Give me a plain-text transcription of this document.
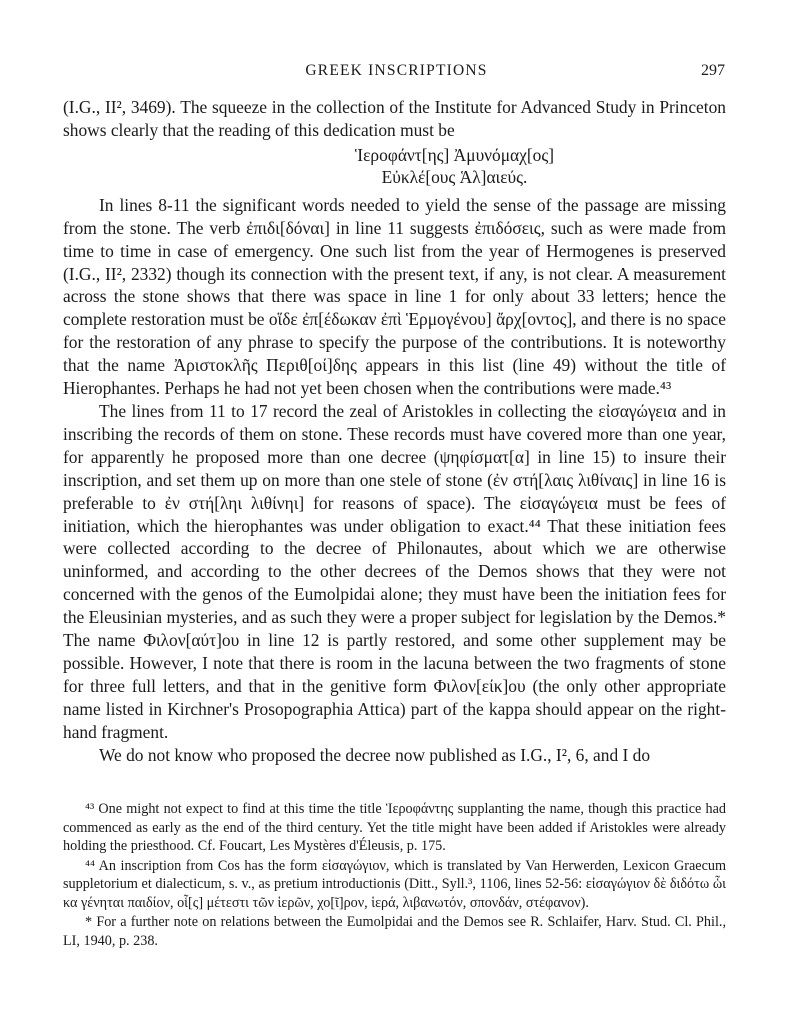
GREEK INSCRIPTIONS	297

(I.G., II², 3469). The squeeze in the collection of the Institute for Advanced Study in Princeton shows clearly that the reading of this dedication must be

Ἱεροφάντ[ης] Ἀμυνόμαχ[ος]
Εὐκλέ[ους Ἁλ]αιεύς.

In lines 8-11 the significant words needed to yield the sense of the passage are missing from the stone. The verb ἐπιδι[δόναι] in line 11 suggests ἐπιδόσεις, such as were made from time to time in case of emergency. One such list from the year of Hermogenes is preserved (I.G., II², 2332) though its connection with the present text, if any, is not clear. A measurement across the stone shows that there was space in line 1 for only about 33 letters; hence the complete restoration must be οἵδε ἐπ[έδωκαν ἐπὶ Ἑρμογένου] ἄρχ[οντος], and there is no space for the restoration of any phrase to specify the purpose of the contributions. It is noteworthy that the name Ἀριστοκλῆς Περιθ[οί]δης appears in this list (line 49) without the title of Hierophantes. Perhaps he had not yet been chosen when the contributions were made.⁴³

The lines from 11 to 17 record the zeal of Aristokles in collecting the εἰσαγώγεια and in inscribing the records of them on stone. These records must have covered more than one year, for apparently he proposed more than one decree (ψηφίσματ[α] in line 15) to insure their inscription, and set them up on more than one stele of stone (ἐν στή[λαις λιθίναις] in line 16 is preferable to ἐν στή[ληι λιθίνηι] for reasons of space). The εἰσαγώγεια must be fees of initiation, which the hierophantes was under obligation to exact.⁴⁴ That these initiation fees were collected according to the decree of Philonautes, about which we are otherwise uninformed, and according to the other decrees of the Demos shows that they were not concerned with the genos of the Eumolpidai alone; they must have been the initiation fees for the Eleusinian mysteries, and as such they were a proper subject for legislation by the Demos.* The name Φιλον[αύτ]ου in line 12 is partly restored, and some other supplement may be possible. However, I note that there is room in the lacuna between the two fragments of stone for three full letters, and that in the genitive form Φιλον[είκ]ου (the only other appropriate name listed in Kirchner's Prosopographia Attica) part of the kappa should appear on the right-hand fragment.

We do not know who proposed the decree now published as I.G., I², 6, and I do

⁴³ One might not expect to find at this time the title Ἱεροφάντης supplanting the name, though this practice had commenced as early as the end of the third century. Yet the title might have been added if Aristokles were already holding the priesthood. Cf. Foucart, Les Mystères d'Éleusis, p. 175.

⁴⁴ An inscription from Cos has the form εἰσαγώγιον, which is translated by Van Herwerden, Lexicon Graecum suppletorium et dialecticum, s. v., as pretium introductionis (Ditt., Syll.³, 1106, lines 52-56: εἰσαγώγιον δὲ διδότω ὧι κα γένηται παιδίον, οἷ[ς] μέτεστι τῶν ἱερῶν, χο[ῖ]ρον, ἱερά, λιβανωτόν, σπονδάν, στέφανον).

* For a further note on relations between the Eumolpidai and the Demos see R. Schlaifer, Harv. Stud. Cl. Phil., LI, 1940, p. 238.
